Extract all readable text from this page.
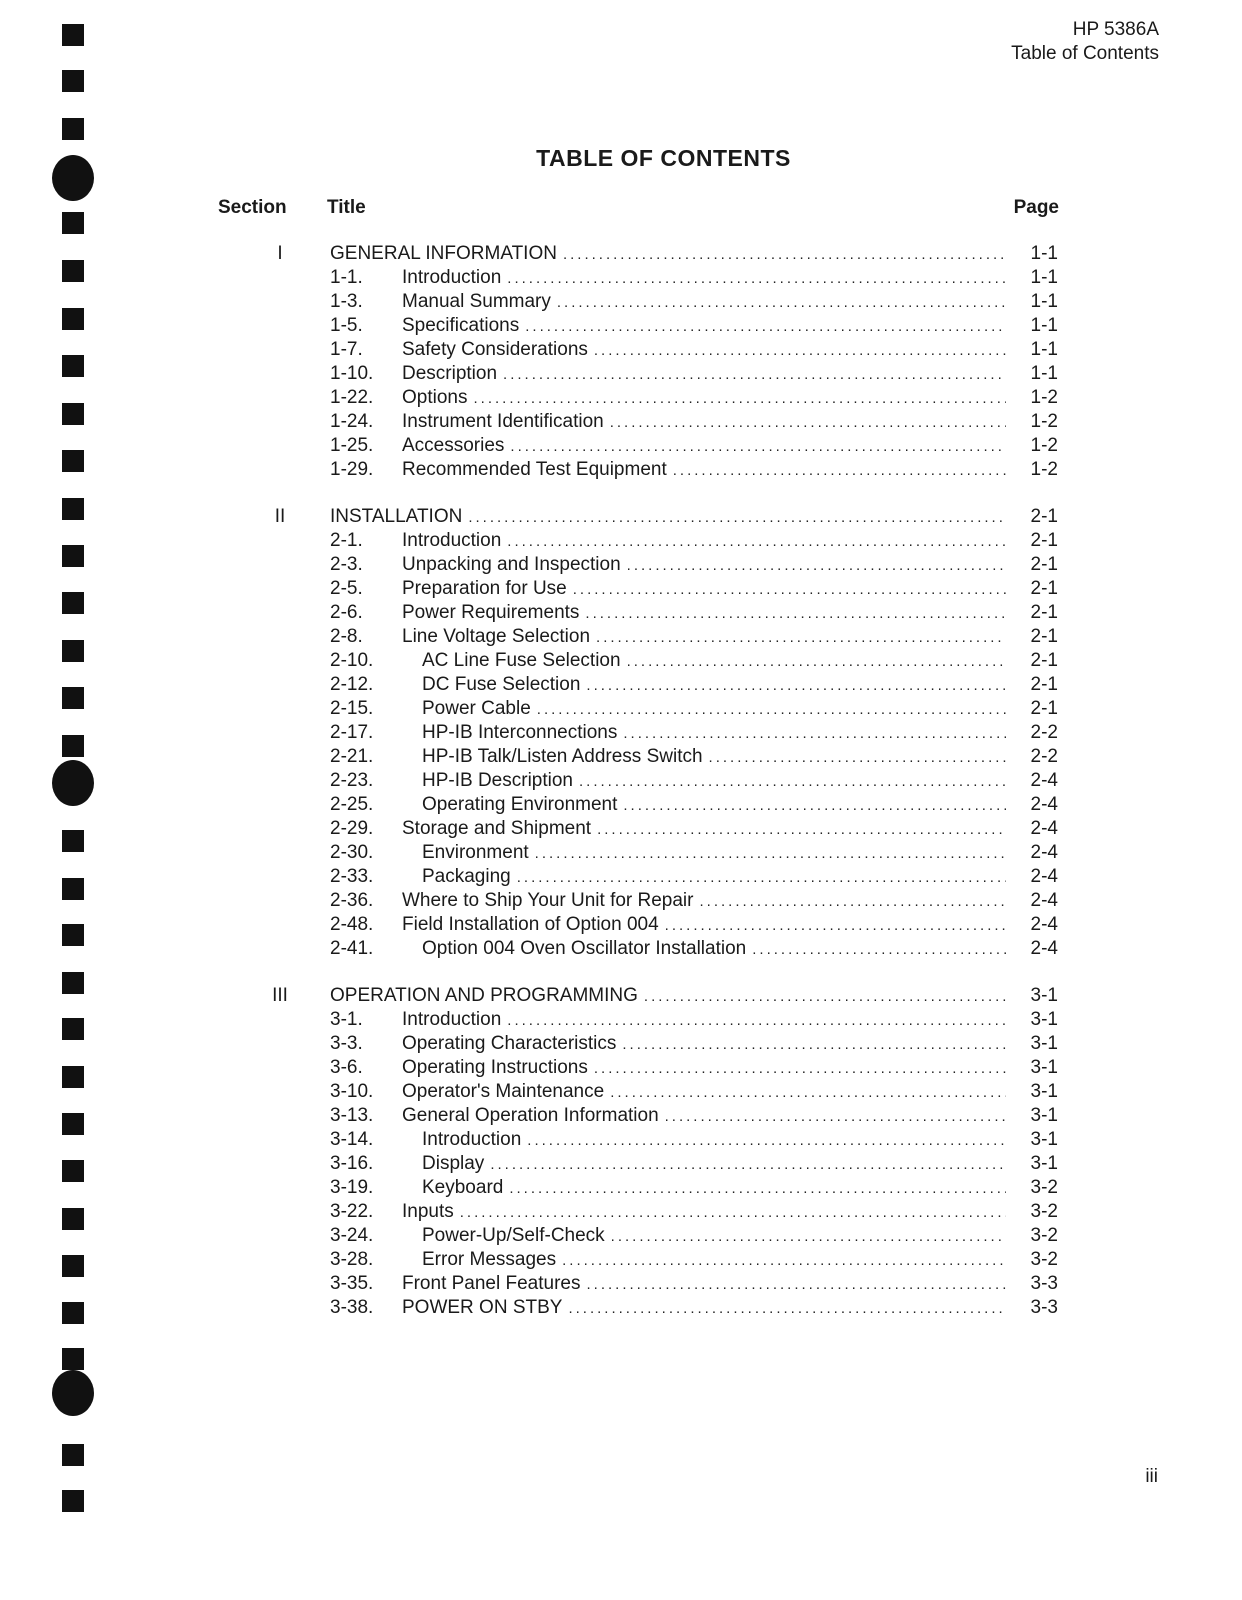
HP 5386A
Table of Contents
TABLE OF CONTENTS
Section Title	Page
I	GENERAL INFORMATION .....	1-1
1-1.	Introduction .....	1-1
1-3.	Manual Summary .....	1-1
1-5.	Specifications .....	1-1
1-7.	Safety Considerations .....	1-1
1-10.	Description .....	1-1
1-22.	Options .....	1-2
1-24.	Instrument Identification .....	1-2
1-25.	Accessories .....	1-2
1-29.	Recommended Test Equipment .....	1-2
II	INSTALLATION .....	2-1
2-1.	Introduction .....	2-1
2-3.	Unpacking and Inspection .....	2-1
2-5.	Preparation for Use .....	2-1
2-6.	Power Requirements .....	2-1
2-8.	Line Voltage Selection .....	2-1
2-10.	AC Line Fuse Selection .....	2-1
2-12.	DC Fuse Selection .....	2-1
2-15.	Power Cable .....	2-1
2-17.	HP-IB Interconnections .....	2-2
2-21.	HP-IB Talk/Listen Address Switch .....	2-2
2-23.	HP-IB Description .....	2-4
2-25.	Operating Environment .....	2-4
2-29.	Storage and Shipment .....	2-4
2-30.	Environment .....	2-4
2-33.	Packaging .....	2-4
2-36.	Where to Ship Your Unit for Repair .....	2-4
2-48.	Field Installation of Option 004 .....	2-4
2-41.	Option 004 Oven Oscillator Installation .....	2-4
III	OPERATION AND PROGRAMMING .....	3-1
3-1.	Introduction .....	3-1
3-3.	Operating Characteristics .....	3-1
3-6.	Operating Instructions .....	3-1
3-10.	Operator's Maintenance .....	3-1
3-13.	General Operation Information .....	3-1
3-14.	Introduction .....	3-1
3-16.	Display .....	3-1
3-19.	Keyboard .....	3-2
3-22.	Inputs .....	3-2
3-24.	Power-Up/Self-Check .....	3-2
3-28.	Error Messages .....	3-2
3-35.	Front Panel Features .....	3-3
3-38.	POWER ON STBY .....	3-3
iii
